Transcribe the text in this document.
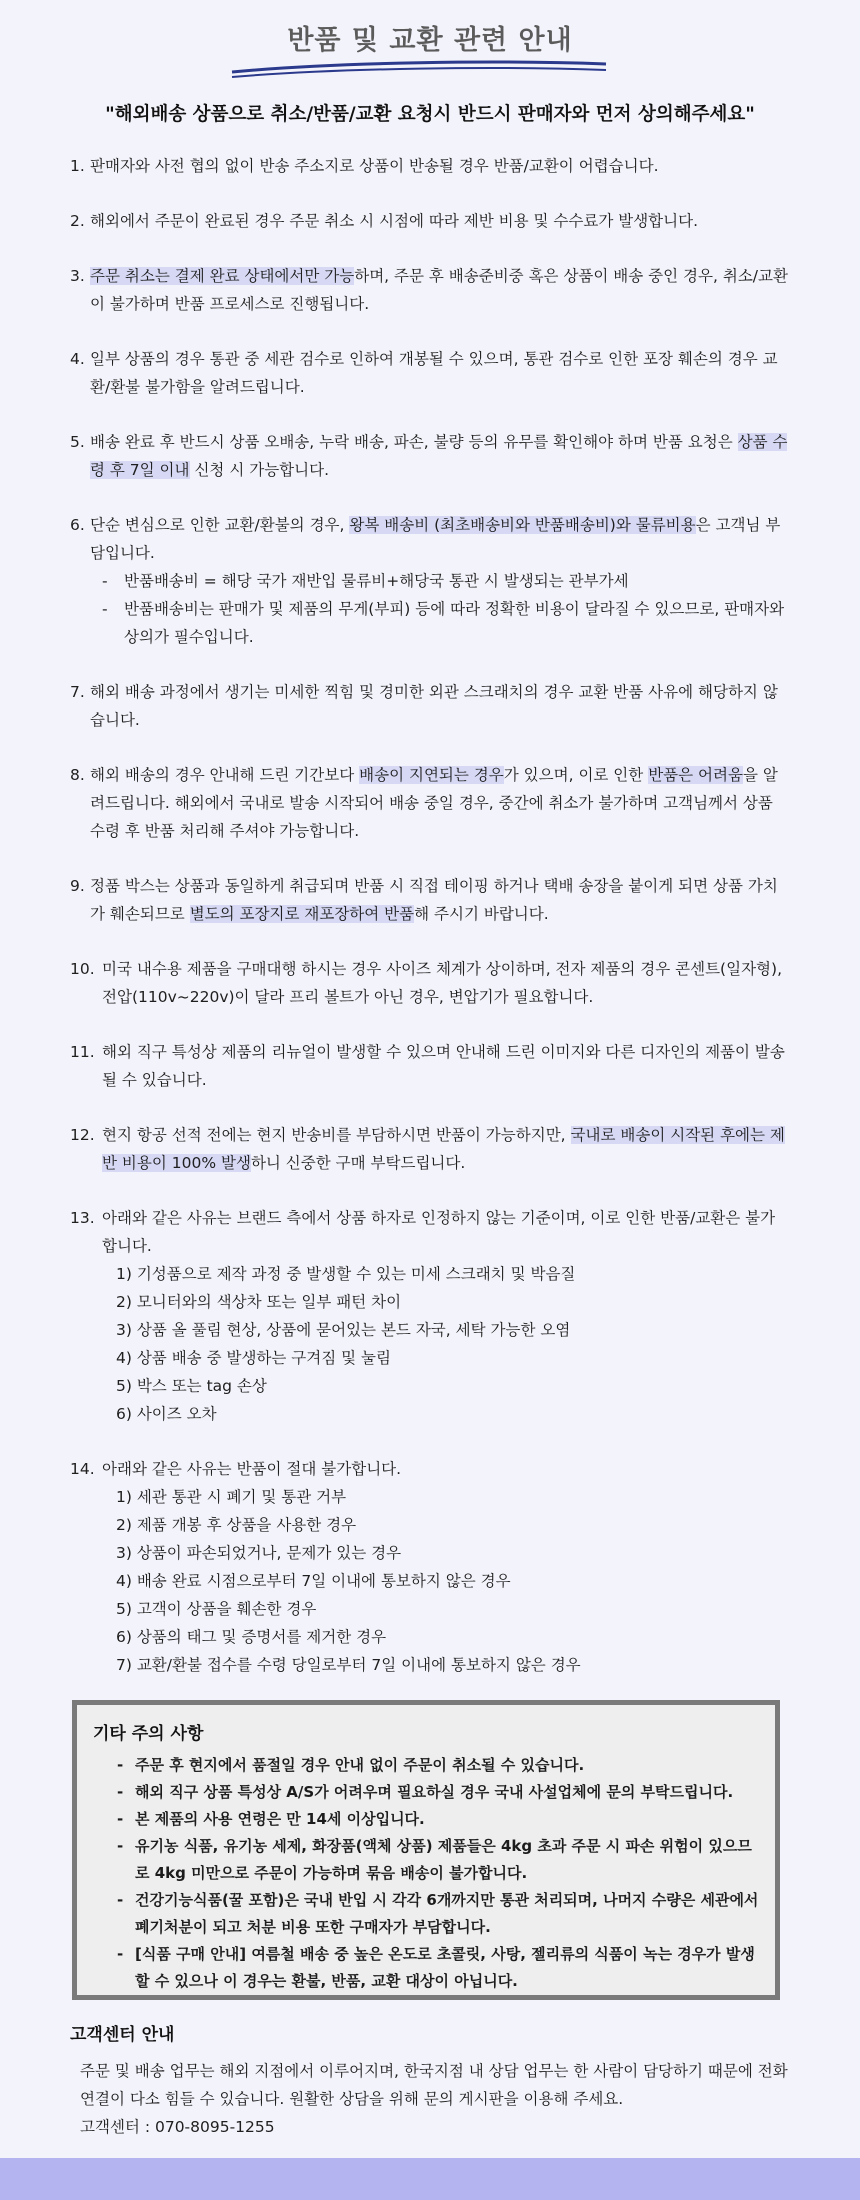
반품 및 교환 관련 안내
"해외배송 상품으로 취소/반품/교환 요청시 반드시 판매자와 먼저 상의해주세요"
1. 판매자와 사전 협의 없이 반송 주소지로 상품이 반송될 경우 반품/교환이 어렵습니다.
2. 해외에서 주문이 완료된 경우 주문 취소 시 시점에 따라 제반 비용 및 수수료가 발생합니다.
3. 주문 취소는 결제 완료 상태에서만 가능하며, 주문 후 배송준비중 혹은 상품이 배송 중인 경우, 취소/교환이 불가하며 반품 프로세스로 진행됩니다.
4. 일부 상품의 경우 통관 중 세관 검수로 인하여 개봉될 수 있으며, 통관 검수로 인한 포장 훼손의 경우 교환/환불 불가함을 알려드립니다.
5. 배송 완료 후 반드시 상품 오배송, 누락 배송, 파손, 불량 등의 유무를 확인해야 하며 반품 요청은 상품 수령 후 7일 이내 신청 시 가능합니다.
6. 단순 변심으로 인한 교환/환불의 경우, 왕복 배송비 (최초배송비와 반품배송비)와 물류비용은 고객님 부담입니다.
- 반품배송비 = 해당 국가 재반입 물류비+해당국 통관 시 발생되는 관부가세
- 반품배송비는 판매가 및 제품의 무게(부피) 등에 따라 정확한 비용이 달라질 수 있으므로, 판매자와 상의가 필수입니다.
7. 해외 배송 과정에서 생기는 미세한 찍힘 및 경미한 외관 스크래치의 경우 교환 반품 사유에 해당하지 않습니다.
8. 해외 배송의 경우 안내해 드린 기간보다 배송이 지연되는 경우가 있으며, 이로 인한 반품은 어려움을 알려드립니다. 해외에서 국내로 발송 시작되어 배송 중일 경우, 중간에 취소가 불가하며 고객님께서 상품 수령 후 반품 처리해 주셔야 가능합니다.
9. 정품 박스는 상품과 동일하게 취급되며 반품 시 직접 테이핑 하거나 택배 송장을 붙이게 되면 상품 가치가 훼손되므로 별도의 포장지로 재포장하여 반품해 주시기 바랍니다.
10. 미국 내수용 제품을 구매대행 하시는 경우 사이즈 체계가 상이하며, 전자 제품의 경우 콘센트(일자형), 전압(110v~220v)이 달라 프리 볼트가 아닌 경우, 변압기가 필요합니다.
11. 해외 직구 특성상 제품의 리뉴얼이 발생할 수 있으며 안내해 드린 이미지와 다른 디자인의 제품이 발송될 수 있습니다.
12. 현지 항공 선적 전에는 현지 반송비를 부담하시면 반품이 가능하지만, 국내로 배송이 시작된 후에는 제반 비용이 100% 발생하니 신중한 구매 부탁드립니다.
13. 아래와 같은 사유는 브랜드 측에서 상품 하자로 인정하지 않는 기준이며, 이로 인한 반품/교환은 불가합니다.
1) 기성품으로 제작 과정 중 발생할 수 있는 미세 스크래치 및 박음질
2) 모니터와의 색상차 또는 일부 패턴 차이
3) 상품 올 풀림 현상, 상품에 묻어있는 본드 자국, 세탁 가능한 오염
4) 상품 배송 중 발생하는 구겨짐 및 눌림
5) 박스 또는 tag 손상
6) 사이즈 오차
14. 아래와 같은 사유는 반품이 절대 불가합니다.
1) 세관 통관 시 폐기 및 통관 거부
2) 제품 개봉 후 상품을 사용한 경우
3) 상품이 파손되었거나, 문제가 있는 경우
4) 배송 완료 시점으로부터 7일 이내에 통보하지 않은 경우
5) 고객이 상품을 훼손한 경우
6) 상품의 태그 및 증명서를 제거한 경우
7) 교환/환불 접수를 수령 당일로부터 7일 이내에 통보하지 않은 경우
기타 주의 사항
- 주문 후 현지에서 품절일 경우 안내 없이 주문이 취소될 수 있습니다.
- 해외 직구 상품 특성상 A/S가 어려우며 필요하실 경우 국내 사설업체에 문의 부탁드립니다.
- 본 제품의 사용 연령은 만 14세 이상입니다.
- 유기농 식품, 유기농 세제, 화장품(액체 상품) 제품들은 4kg 초과 주문 시 파손 위험이 있으므로 4kg 미만으로 주문이 가능하며 묶음 배송이 불가합니다.
- 건강기능식품(꿀 포함)은 국내 반입 시 각각 6개까지만 통관 처리되며, 나머지 수량은 세관에서 폐기처분이 되고 처분 비용 또한 구매자가 부담합니다.
- [식품 구매 안내] 여름철 배송 중 높은 온도로 초콜릿, 사탕, 젤리류의 식품이 녹는 경우가 발생할 수 있으나 이 경우는 환불, 반품, 교환 대상이 아닙니다.
고객센터 안내
주문 및 배송 업무는 해외 지점에서 이루어지며, 한국지점 내 상담 업무는 한 사람이 담당하기 때문에 전화 연결이 다소 힘들 수 있습니다. 원활한 상담을 위해 문의 게시판을 이용해 주세요.
고객센터 : 070-8095-1255
